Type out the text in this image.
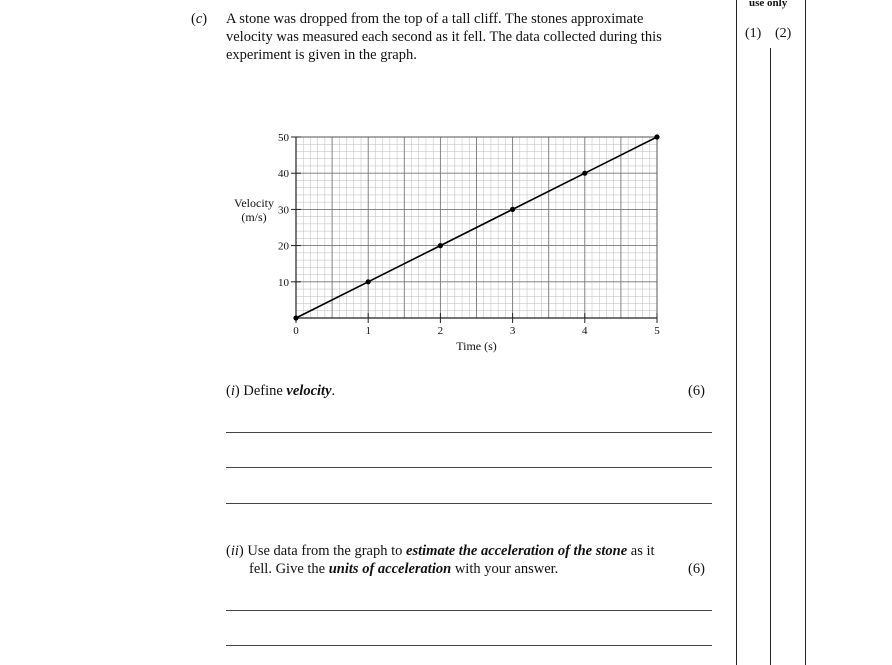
use only
(1) (2)
(c) A stone was dropped from the top of a tall cliff. The stones approximate
velocity was measured each second as it fell. The data collected during this
experiment is given in the graph.
0	1	2	3	4	5
10
20
30
40
50
Time (s)
Velocity
(m/s)
(i) Define velocity.	(6)
(ii) Use data from the graph to estimate the acceleration of the stone as it
fell. Give the units of acceleration with your answer.	(6)
